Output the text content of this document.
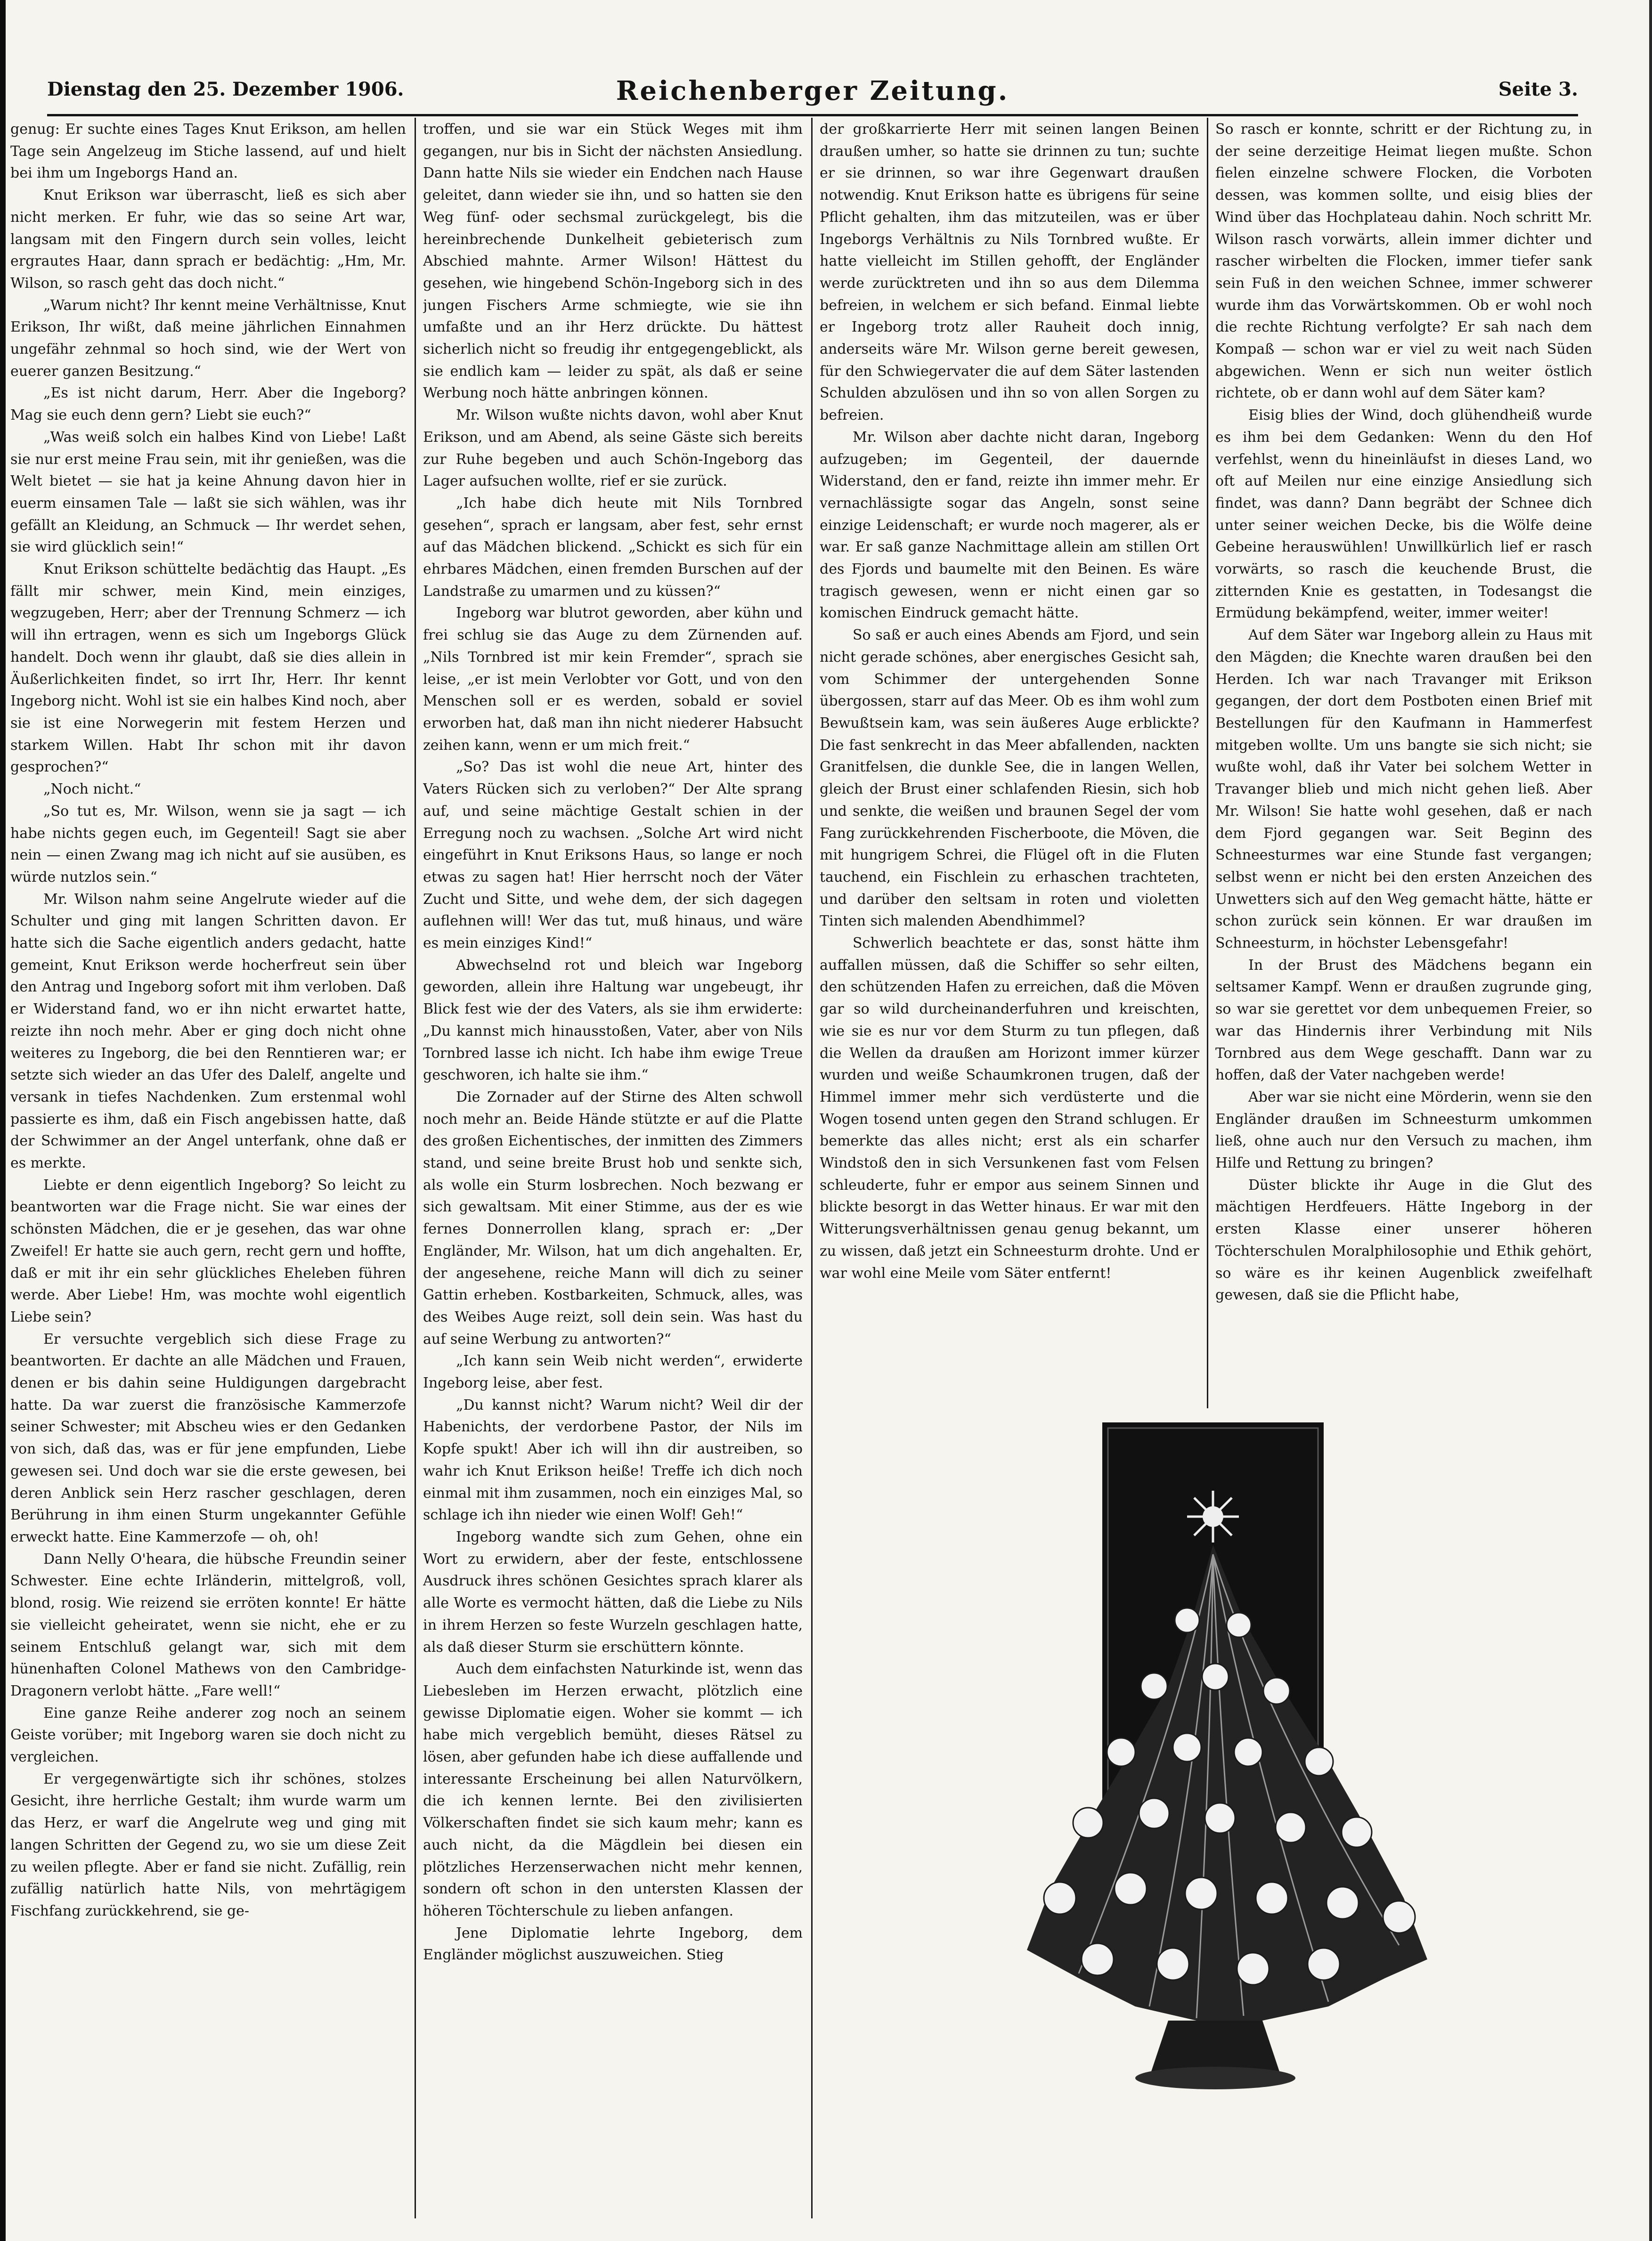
Reichenberger Zeitung.
Dienstag den 25. Dezember 1906.	Seite 3.

genug: Er suchte eines Tages Knut Erikson, am hellen Tage sein Angelzeug im Stiche lassend, auf und hielt bei ihm um Ingeborgs Hand an.

Knut Erikson war überrascht, ließ es sich aber nicht merken. Er fuhr, wie das so seine Art war, langsam mit den Fingern durch sein volles, leicht ergrautes Haar, dann sprach er bedächtig: „Hm, Mr. Wilson, so rasch geht das doch nicht.“

„Warum nicht? Ihr kennt meine Verhältnisse, Knut Erikson, Ihr wißt, daß meine jährlichen Einnahmen ungefähr zehnmal so hoch sind, wie der Wert von euerer ganzen Besitzung.“

„Es ist nicht darum, Herr. Aber die Ingeborg? Mag sie euch denn gern? Liebt sie euch?“

„Was weiß solch ein halbes Kind von Liebe! Laßt sie nur erst meine Frau sein, mit ihr genießen, was die Welt bietet — sie hat ja keine Ahnung davon hier in euerm einsamen Tale — laßt sie sich wählen, was ihr gefällt an Kleidung, an Schmuck — Ihr werdet sehen, sie wird glücklich sein!“

Knut Erikson schüttelte bedächtig das Haupt. „Es fällt mir schwer, mein Kind, mein einziges, wegzugeben, Herr; aber der Trennung Schmerz — ich will ihn ertragen, wenn es sich um Ingeborgs Glück handelt. Doch wenn ihr glaubt, daß sie dies allein in Äußerlichkeiten findet, so irrt Ihr, Herr. Ihr kennt Ingeborg nicht. Wohl ist sie ein halbes Kind noch, aber sie ist eine Norwegerin mit festem Herzen und starkem Willen. Habt Ihr schon mit ihr davon gesprochen?“

„Noch nicht.“

„So tut es, Mr. Wilson, wenn sie ja sagt — ich habe nichts gegen euch, im Gegenteil! Sagt sie aber nein — einen Zwang mag ich nicht auf sie ausüben, es würde nutzlos sein.“

Mr. Wilson nahm seine Angelrute wieder auf die Schulter und ging mit langen Schritten davon. Er hatte sich die Sache eigentlich anders gedacht, hatte gemeint, Knut Erikson werde hocherfreut sein über den Antrag und Ingeborg sofort mit ihm verloben. Daß er Widerstand fand, wo er ihn nicht erwartet hatte, reizte ihn noch mehr. Aber er ging doch nicht ohne weiteres zu Ingeborg, die bei den Renntieren war; er setzte sich wieder an das Ufer des Dalelf, angelte und versank in tiefes Nachdenken. Zum erstenmal wohl passierte es ihm, daß ein Fisch angebissen hatte, daß der Schwimmer an der Angel unterfank, ohne daß er es merkte.

Liebte er denn eigentlich Ingeborg? So leicht zu beantworten war die Frage nicht. Sie war eines der schönsten Mädchen, die er je gesehen, das war ohne Zweifel! Er hatte sie auch gern, recht gern und hoffte, daß er mit ihr ein sehr glückliches Eheleben führen werde. Aber Liebe! Hm, was mochte wohl eigentlich Liebe sein?

Er versuchte vergeblich sich diese Frage zu beantworten. Er dachte an alle Mädchen und Frauen, denen er bis dahin seine Huldigungen dargebracht hatte. Da war zuerst die französische Kammerzofe seiner Schwester; mit Abscheu wies er den Gedanken von sich, daß das, was er für jene empfunden, Liebe gewesen sei. Und doch war sie die erste gewesen, bei deren Anblick sein Herz rascher geschlagen, deren Berührung in ihm einen Sturm ungekannter Gefühle erweckt hatte. Eine Kammerzofe — oh, oh!

Dann Nelly O'heara, die hübsche Freundin seiner Schwester. Eine echte Irländerin, mittelgroß, voll, blond, rosig. Wie reizend sie erröten konnte! Er hätte sie vielleicht geheiratet, wenn sie nicht, ehe er zu seinem Entschluß gelangt war, sich mit dem hünenhaften Colonel Mathews von den Cambridge-Dragonern verlobt hätte. „Fare well!“

Eine ganze Reihe anderer zog noch an seinem Geiste vorüber; mit Ingeborg waren sie doch nicht zu vergleichen.

Er vergegenwärtigte sich ihr schönes, stolzes Gesicht, ihre herrliche Gestalt; ihm wurde warm um das Herz, er warf die Angelrute weg und ging mit langen Schritten der Gegend zu, wo sie um diese Zeit zu weilen pflegte. Aber er fand sie nicht. Zufällig, rein zufällig natürlich hatte Nils, von mehrtägigem Fischfang zurückkehrend, sie ge-

troffen, und sie war ein Stück Weges mit ihm gegangen, nur bis in Sicht der nächsten Ansiedlung. Dann hatte Nils sie wieder ein Endchen nach Hause geleitet, dann wieder sie ihn, und so hatten sie den Weg fünf- oder sechsmal zurückgelegt, bis die hereinbrechende Dunkelheit gebieterisch zum Abschied mahnte. Armer Wilson! Hättest du gesehen, wie hingebend Schön-Ingeborg sich in des jungen Fischers Arme schmiegte, wie sie ihn umfaßte und an ihr Herz drückte. Du hättest sicherlich nicht so freudig ihr entgegengeblickt, als sie endlich kam — leider zu spät, als daß er seine Werbung noch hätte anbringen können.

Mr. Wilson wußte nichts davon, wohl aber Knut Erikson, und am Abend, als seine Gäste sich bereits zur Ruhe begeben und auch Schön-Ingeborg das Lager aufsuchen wollte, rief er sie zurück.

„Ich habe dich heute mit Nils Tornbred gesehen“, sprach er langsam, aber fest, sehr ernst auf das Mädchen blickend. „Schickt es sich für ein ehrbares Mädchen, einen fremden Burschen auf der Landstraße zu umarmen und zu küssen?“

Ingeborg war blutrot geworden, aber kühn und frei schlug sie das Auge zu dem Zürnenden auf. „Nils Tornbred ist mir kein Fremder“, sprach sie leise, „er ist mein Verlobter vor Gott, und von den Menschen soll er es werden, sobald er soviel erworben hat, daß man ihn nicht niederer Habsucht zeihen kann, wenn er um mich freit.“

„So? Das ist wohl die neue Art, hinter des Vaters Rücken sich zu verloben?“ Der Alte sprang auf, und seine mächtige Gestalt schien in der Erregung noch zu wachsen. „Solche Art wird nicht eingeführt in Knut Eriksons Haus, so lange er noch etwas zu sagen hat! Hier herrscht noch der Väter Zucht und Sitte, und wehe dem, der sich dagegen auflehnen will! Wer das tut, muß hinaus, und wäre es mein einziges Kind!“

Abwechselnd rot und bleich war Ingeborg geworden, allein ihre Haltung war ungebeugt, ihr Blick fest wie der des Vaters, als sie ihm erwiderte: „Du kannst mich hinausstoßen, Vater, aber von Nils Tornbred lasse ich nicht. Ich habe ihm ewige Treue geschworen, ich halte sie ihm.“

Die Zornader auf der Stirne des Alten schwoll noch mehr an. Beide Hände stützte er auf die Platte des großen Eichentisches, der inmitten des Zimmers stand, und seine breite Brust hob und senkte sich, als wolle ein Sturm losbrechen. Noch bezwang er sich gewaltsam. Mit einer Stimme, aus der es wie fernes Donnerrollen klang, sprach er: „Der Engländer, Mr. Wilson, hat um dich angehalten. Er, der angesehene, reiche Mann will dich zu seiner Gattin erheben. Kostbarkeiten, Schmuck, alles, was des Weibes Auge reizt, soll dein sein. Was hast du auf seine Werbung zu antworten?“

„Ich kann sein Weib nicht werden“, erwiderte Ingeborg leise, aber fest.

„Du kannst nicht? Warum nicht? Weil dir der Habenichts, der verdorbene Pastor, der Nils im Kopfe spukt! Aber ich will ihn dir austreiben, so wahr ich Knut Erikson heiße! Treffe ich dich noch einmal mit ihm zusammen, noch ein einziges Mal, so schlage ich ihn nieder wie einen Wolf! Geh!“

Ingeborg wandte sich zum Gehen, ohne ein Wort zu erwidern, aber der feste, entschlossene Ausdruck ihres schönen Gesichtes sprach klarer als alle Worte es vermocht hätten, daß die Liebe zu Nils in ihrem Herzen so feste Wurzeln geschlagen hatte, als daß dieser Sturm sie erschüttern könnte.

Auch dem einfachsten Naturkinde ist, wenn das Liebesleben im Herzen erwacht, plötzlich eine gewisse Diplomatie eigen. Woher sie kommt — ich habe mich vergeblich bemüht, dieses Rätsel zu lösen, aber gefunden habe ich diese auffallende und interessante Erscheinung bei allen Naturvölkern, die ich kennen lernte. Bei den zivilisierten Völkerschaften findet sie sich kaum mehr; kann es auch nicht, da die Mägdlein bei diesen ein plötzliches Herzenserwachen nicht mehr kennen, sondern oft schon in den untersten Klassen der höheren Töchterschule zu lieben anfangen.

Jene Diplomatie lehrte Ingeborg, dem Engländer möglichst auszuweichen. Stieg

der großkarrierte Herr mit seinen langen Beinen draußen umher, so hatte sie drinnen zu tun; suchte er sie drinnen, so war ihre Gegenwart draußen notwendig. Knut Erikson hatte es übrigens für seine Pflicht gehalten, ihm das mitzuteilen, was er über Ingeborgs Verhältnis zu Nils Tornbred wußte. Er hatte vielleicht im Stillen gehofft, der Engländer werde zurücktreten und ihn so aus dem Dilemma befreien, in welchem er sich befand. Einmal liebte er Ingeborg trotz aller Rauheit doch innig, anderseits wäre Mr. Wilson gerne bereit gewesen, für den Schwiegervater die auf dem Säter lastenden Schulden abzulösen und ihn so von allen Sorgen zu befreien.

Mr. Wilson aber dachte nicht daran, Ingeborg aufzugeben; im Gegenteil, der dauernde Widerstand, den er fand, reizte ihn immer mehr. Er vernachlässigte sogar das Angeln, sonst seine einzige Leidenschaft; er wurde noch magerer, als er war. Er saß ganze Nachmittage allein am stillen Ort des Fjords und baumelte mit den Beinen. Es wäre tragisch gewesen, wenn er nicht einen gar so komischen Eindruck gemacht hätte.

So saß er auch eines Abends am Fjord, und sein nicht gerade schönes, aber energisches Gesicht sah, vom Schimmer der untergehenden Sonne übergossen, starr auf das Meer. Ob es ihm wohl zum Bewußtsein kam, was sein äußeres Auge erblickte? Die fast senkrecht in das Meer abfallenden, nackten Granitfelsen, die dunkle See, die in langen Wellen, gleich der Brust einer schlafenden Riesin, sich hob und senkte, die weißen und braunen Segel der vom Fang zurückkehrenden Fischerboote, die Möven, die mit hungrigem Schrei, die Flügel oft in die Fluten tauchend, ein Fischlein zu erhaschen trachteten, und darüber den seltsam in roten und violetten Tinten sich malenden Abendhimmel?

Schwerlich beachtete er das, sonst hätte ihm auffallen müssen, daß die Schiffer so sehr eilten, den schützenden Hafen zu erreichen, daß die Möven gar so wild durcheinanderfuhren und kreischten, wie sie es nur vor dem Sturm zu tun pflegen, daß die Wellen da draußen am Horizont immer kürzer wurden und weiße Schaumkronen trugen, daß der Himmel immer mehr sich verdüsterte und die Wogen tosend unten gegen den Strand schlugen. Er bemerkte das alles nicht; erst als ein scharfer Windstoß den in sich Versunkenen fast vom Felsen schleuderte, fuhr er empor aus seinem Sinnen und blickte besorgt in das Wetter hinaus. Er war mit den Witterungsverhältnissen genau genug bekannt, um zu wissen, daß jetzt ein Schneesturm drohte. Und er war wohl eine Meile vom Säter entfernt!

So rasch er konnte, schritt er der Richtung zu, in der seine derzeitige Heimat liegen mußte. Schon fielen einzelne schwere Flocken, die Vorboten dessen, was kommen sollte, und eisig blies der Wind über das Hochplateau dahin. Noch schritt Mr. Wilson rasch vorwärts, allein immer dichter und rascher wirbelten die Flocken, immer tiefer sank sein Fuß in den weichen Schnee, immer schwerer wurde ihm das Vorwärtskommen. Ob er wohl noch die rechte Richtung verfolgte? Er sah nach dem Kompaß — schon war er viel zu weit nach Süden abgewichen. Wenn er sich nun weiter östlich richtete, ob er dann wohl auf dem Säter kam?

Eisig blies der Wind, doch glühendheiß wurde es ihm bei dem Gedanken: Wenn du den Hof verfehlst, wenn du hineinläufst in dieses Land, wo oft auf Meilen nur eine einzige Ansiedlung sich findet, was dann? Dann begräbt der Schnee dich unter seiner weichen Decke, bis die Wölfe deine Gebeine herauswühlen! Unwillkürlich lief er rasch vorwärts, so rasch die keuchende Brust, die zitternden Knie es gestatten, in Todesangst die Ermüdung bekämpfend, weiter, immer weiter!

Auf dem Säter war Ingeborg allein zu Haus mit den Mägden; die Knechte waren draußen bei den Herden. Ich war nach Travanger mit Erikson gegangen, der dort dem Postboten einen Brief mit Bestellungen für den Kaufmann in Hammerfest mitgeben wollte. Um uns bangte sie sich nicht; sie wußte wohl, daß ihr Vater bei solchem Wetter in Travanger blieb und mich nicht gehen ließ. Aber Mr. Wilson! Sie hatte wohl gesehen, daß er nach dem Fjord gegangen war. Seit Beginn des Schneesturmes war eine Stunde fast vergangen; selbst wenn er nicht bei den ersten Anzeichen des Unwetters sich auf den Weg gemacht hätte, hätte er schon zurück sein können. Er war draußen im Schneesturm, in höchster Lebensgefahr!

In der Brust des Mädchens begann ein seltsamer Kampf. Wenn er draußen zugrunde ging, so war sie gerettet vor dem unbequemen Freier, so war das Hindernis ihrer Verbindung mit Nils Tornbred aus dem Wege geschafft. Dann war zu hoffen, daß der Vater nachgeben werde!

Aber war sie nicht eine Mörderin, wenn sie den Engländer draußen im Schneesturm umkommen ließ, ohne auch nur den Versuch zu machen, ihm Hilfe und Rettung zu bringen?

Düster blickte ihr Auge in die Glut des mächtigen Herdfeuers. Hätte Ingeborg in der ersten Klasse einer unserer höheren Töchterschulen Moralphilosophie und Ethik gehört, so wäre es ihr keinen Augenblick zweifelhaft gewesen, daß sie die Pflicht habe,
